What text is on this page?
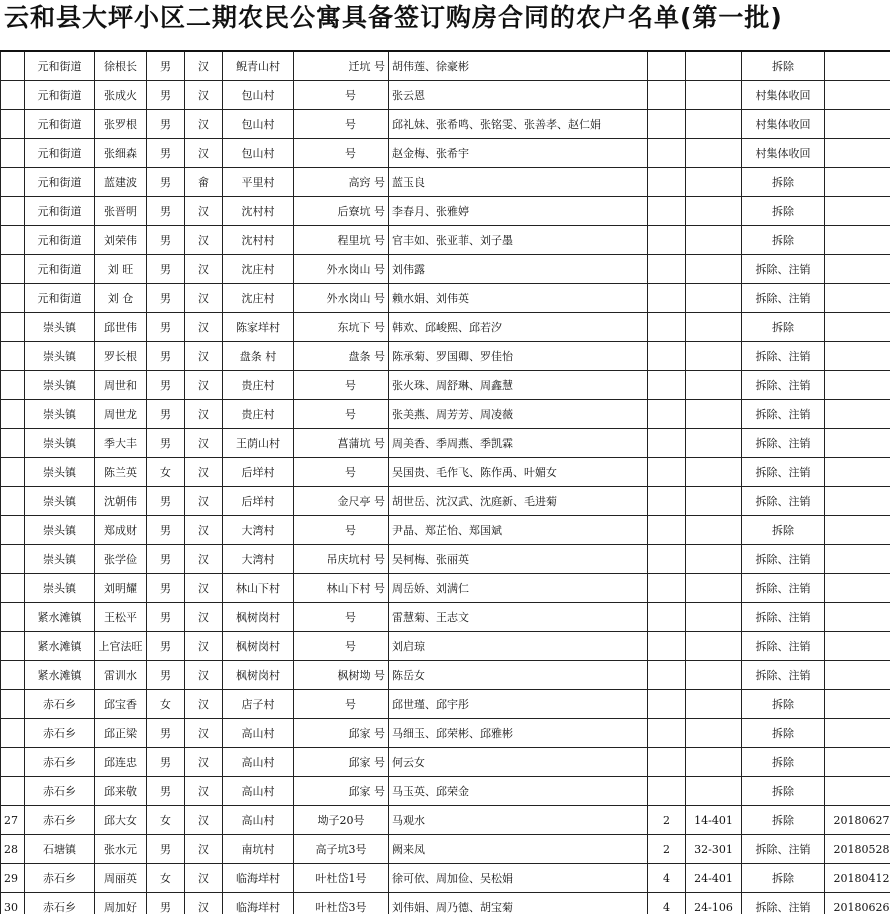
云和县大坪小区二期农民公寓具备签订购房合同的农户名单(第一批)
	元和街道	徐根长	男	汉	鲵青山村	迁坑 号	胡伟莲、徐豪彬			拆除	
	元和街道	张成火	男	汉	包山村	号	张云恩			村集体收回	
	元和街道	张罗根	男	汉	包山村	号	邱礼妹、张希鸣、张铭雯、张善孝、赵仁娟			村集体收回	
	元和街道	张细森	男	汉	包山村	号	赵金梅、张希宇			村集体收回	
	元和街道	蓝建波	男	畲	平里村	高窍 号	蓝玉良			拆除	
	元和街道	张晋明	男	汉	沈村村	后寮坑 号	李春月、张雅婷			拆除	
	元和街道	刘荣伟	男	汉	沈村村	程里坑 号	官丰如、张亚菲、刘子墨			拆除	
	元和街道	刘 旺	男	汉	沈庄村	外水岗山 号	刘伟露			拆除、注销	
	元和街道	刘 仓	男	汉	沈庄村	外水岗山 号	赖水娟、刘伟英			拆除、注销	
	崇头镇	邱世伟	男	汉	陈家垟村	东坑下 号	韩欢、邱峻熙、邱若汐			拆除	
	崇头镇	罗长根	男	汉	盘条 村	盘条 号	陈承菊、罗国卿、罗佳怡			拆除、注销	
	崇头镇	周世和	男	汉	贵庄村	号	张火珠、周舒琳、周鑫慧			拆除、注销	
	崇头镇	周世龙	男	汉	贵庄村	号	张美燕、周芳芳、周凌薇			拆除、注销	
	崇头镇	季大丰	男	汉	王荫山村	菖蒲坑 号	周美香、季周燕、季凯霖			拆除、注销	
	崇头镇	陈兰英	女	汉	后垟村	号	吴国贵、毛作飞、陈作禹、叶媚女			拆除、注销	
	崇头镇	沈朝伟	男	汉	后垟村	金尺亭 号	胡世岳、沈汉武、沈庭新、毛进菊			拆除、注销	
	崇头镇	郑成财	男	汉	大湾村	号	尹晶、郑芷怡、郑国斌			拆除	
	崇头镇	张学俭	男	汉	大湾村	吊庆坑村 号	吴柯梅、张丽英			拆除、注销	
	崇头镇	刘明耀	男	汉	林山下村	林山下村 号	周岳娇、刘满仁			拆除、注销	
	紧水滩镇	王松平	男	汉	枫树岗村	号	雷慧菊、王志文			拆除、注销	
	紧水滩镇	上官法旺	男	汉	枫树岗村	号	刘启琼			拆除、注销	
	紧水滩镇	雷训水	男	汉	枫树岗村	枫树坳 号	陈岳女			拆除、注销	
	赤石乡	邱宝香	女	汉	店子村	号	邱世瑾、邱宇彤			拆除	
	赤石乡	邱正梁	男	汉	高山村	邱家 号	马细玉、邱荣彬、邱雅彬			拆除	
	赤石乡	邱连忠	男	汉	高山村	邱家 号	何云女			拆除	
	赤石乡	邱来敬	男	汉	高山村	邱家 号	马玉英、邱荣金			拆除	
27	赤石乡	邱大女	女	汉	高山村	坳子20号	马观水	2	14-401	拆除	20180627
28	石塘镇	张水元	男	汉	南坑村	高子坑3号	阙来凤	2	32-301	拆除、注销	20180528
29	赤石乡	周丽英	女	汉	临海垟村	叶杜岱1号	徐可依、周加俭、吴松娟	4	24-401	拆除	20180412
30	赤石乡	周加好	男	汉	临海垟村	叶杜岱3号	刘伟娟、周乃德、胡宝菊	4	24-106	拆除、注销	20180626
